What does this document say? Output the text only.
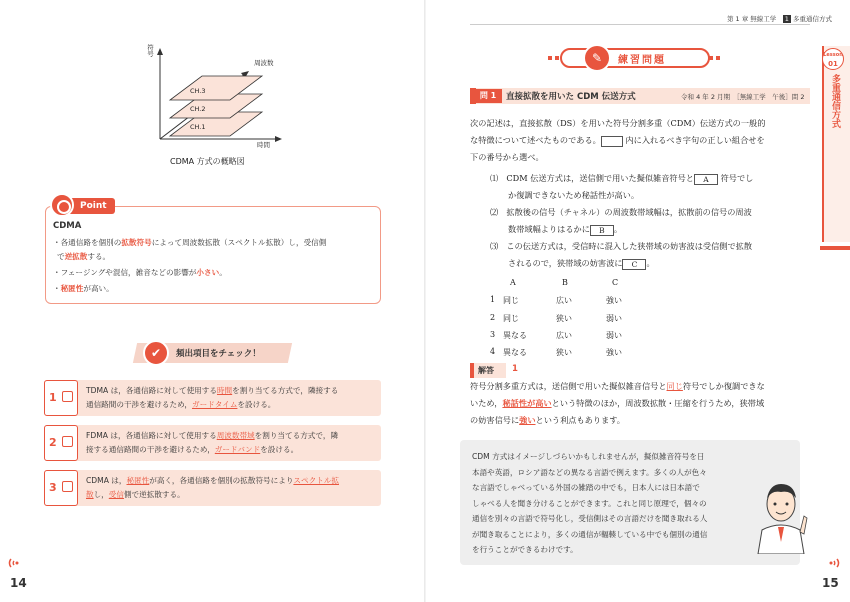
符号
時間
周波数
CH.3
CH.2
CH.1
CDMA 方式の概略図
Point
CDMA
・各通信路を個別の拡散符号によって周波数拡散（スペクトル拡散）し，受信側
で逆拡散する。
・フェージングや混信，雑音などの影響が小さい。
・秘匿性が高い。
✔	頻出項目をチェック！
1
TDMA は，各通信路に対して使用する時間を割り当てる方式で，隣接する
通信路間の干渉を避けるため，ガードタイムを設ける。
2
FDMA は，各通信路に対して使用する周波数帯域を割り当てる方式で，隣
接する通信路間の干渉を避けるため，ガードバンドを設ける。
3
CDMA は，秘匿性が高く，各通信路を個別の拡散符号によりスペクトル拡
散し，受信側で逆拡散する。
14
第 1 章 無線工学　 1 多重通信方式
Lesson
01
多重通信方式
✎	練習問題
問 1	直接拡散を用いた CDM 伝送方式	令和 4 年 2 月期　［無線工学　午後］問 2
次の記述は，直接拡散（DS）を用いた符号分割多重（CDM）伝送方式の一般的
な特徴について述べたものである。	内に入れるべき字句の正しい組合せを
下の番号から選べ。
⑴　CDM 伝送方式は，送信側で用いた擬似雑音符号と A 符号でし
か復調できないため秘話性が高い。
⑵　拡散後の信号（チャネル）の周波数帯域幅は，拡散前の信号の周波
数帯域幅よりはるかに B 。
⑶　この伝送方式は，受信時に混入した狭帯域の妨害波は受信側で拡散
されるので，狭帯域の妨害波に C 。
A	B	C
1 同じ	広い	強い
2 同じ	狭い	弱い
3 異なる	広い	弱い
4 異なる	狭い	強い
解答	1
符号分割多重方式は，送信側で用いた擬似雑音信号と同じ符号でしか復調できな
いため，秘話性が高いという特徴のほか，周波数拡散・圧縮を行うため，狭帯域
の妨害信号に強いという利点もあります。
CDM 方式はイメージしづらいかもしれませんが，擬似雑音符号を日
本語や英語，ロシア語などの異なる言語で例えます。多くの人が色々
な言語でしゃべっている外国の雑踏の中でも，日本人には日本語で
しゃべる人を聞き分けることができます。これと同じ原理で，個々の
通信を別々の言語で符号化し，受信側はその言語だけを聞き取れる人
が聞き取ることにより，多くの通信が輻輳している中でも個別の通信
を行うことができるわけです。
15
